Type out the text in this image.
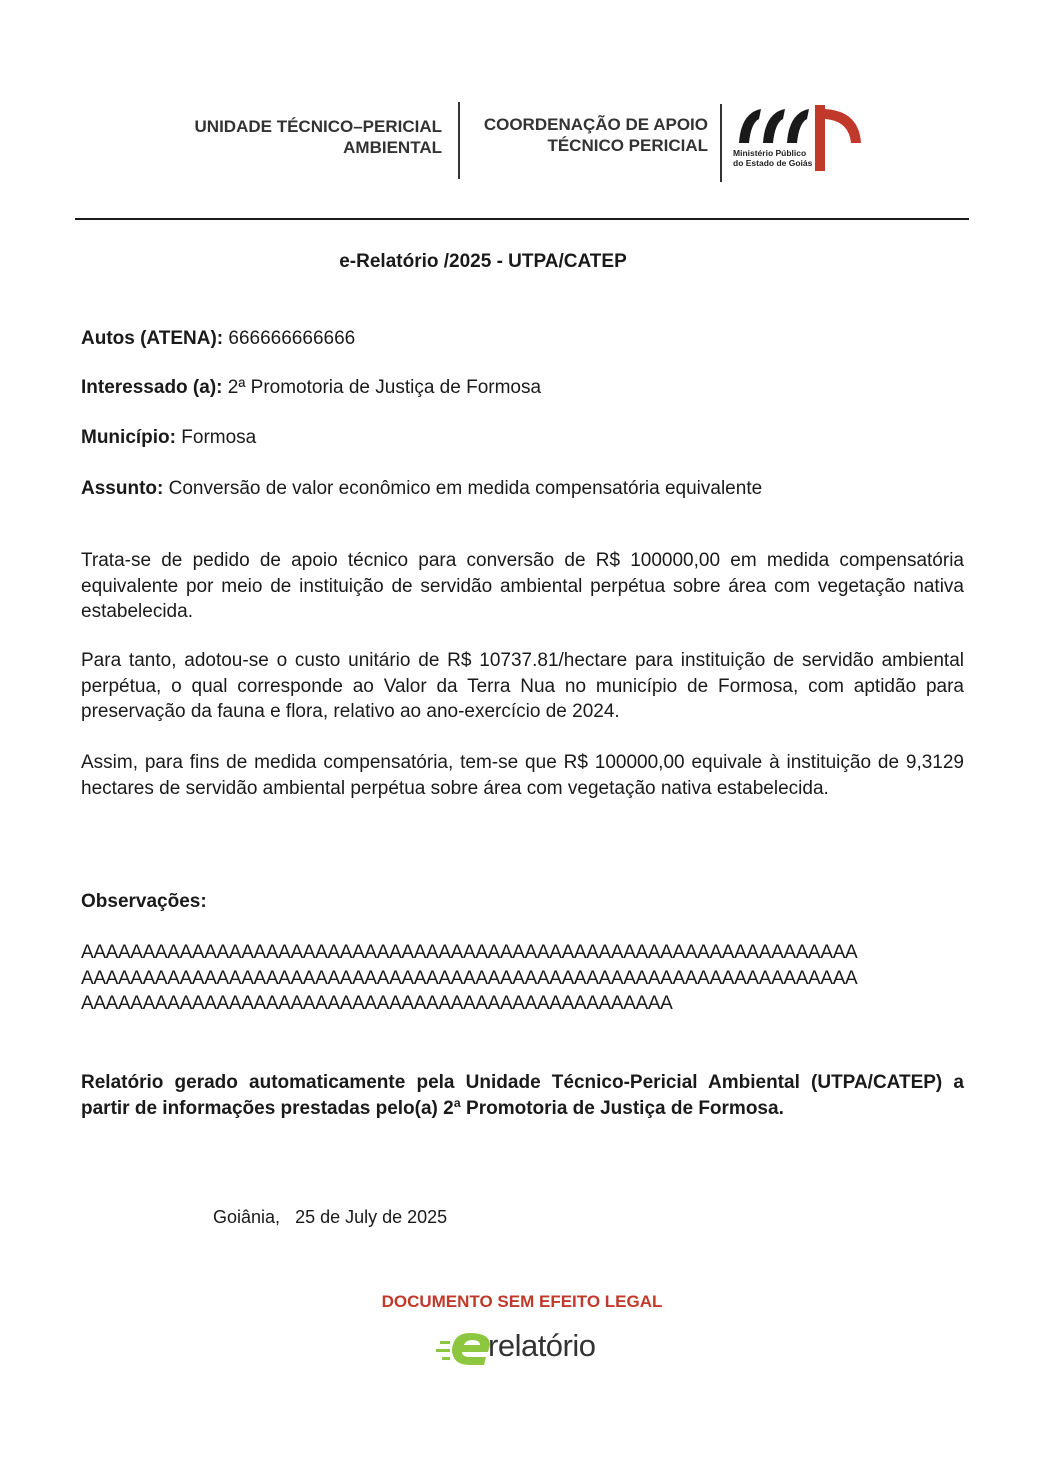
UNIDADE TÉCNICO–PERICIAL
AMBIENTAL
COORDENAÇÃO DE APOIO
TÉCNICO PERICIAL	Ministério Público
do Estado de Goiás
e-Relatório /2025 - UTPA/CATEP
Autos (ATENA): 666666666666
Interessado (a): 2ª Promotoria de Justiça de Formosa
Município: Formosa
Assunto: Conversão de valor econômico em medida compensatória equivalente

Trata-se de pedido de apoio técnico para conversão de R$ 100000,00 em medida compensatória equivalente por meio de instituição de servidão ambiental perpétua sobre área com vegetação nativa estabelecida.

Para tanto, adotou-se o custo unitário de R$ 10737.81/hectare para instituição de servidão ambiental perpétua, o qual corresponde ao Valor da Terra Nua no município de Formosa, com aptidão para preservação da fauna e flora, relativo ao ano-exercício de 2024.

Assim, para fins de medida compensatória, tem-se que R$ 100000,00 equivale à instituição de 9,3129 hectares de servidão ambiental perpétua sobre área com vegetação nativa estabelecida.

Observações:
AAAAAAAAAAAAAAAAAAAAAAAAAAAAAAAAAAAAAAAAAAAAAAAAAAAAAAAAAAAAAAA
AAAAAAAAAAAAAAAAAAAAAAAAAAAAAAAAAAAAAAAAAAAAAAAAAAAAAAAAAAAAAAA
AAAAAAAAAAAAAAAAAAAAAAAAAAAAAAAAAAAAAAAAAAAAAAAA

Relatório gerado automaticamente pela Unidade Técnico-Pericial Ambiental (UTPA/CATEP) a partir de informações prestadas pelo(a) 2ª Promotoria de Justiça de Formosa.

Goiânia, 25 de July de 2025
DOCUMENTO SEM EFEITO LEGAL
relatório
